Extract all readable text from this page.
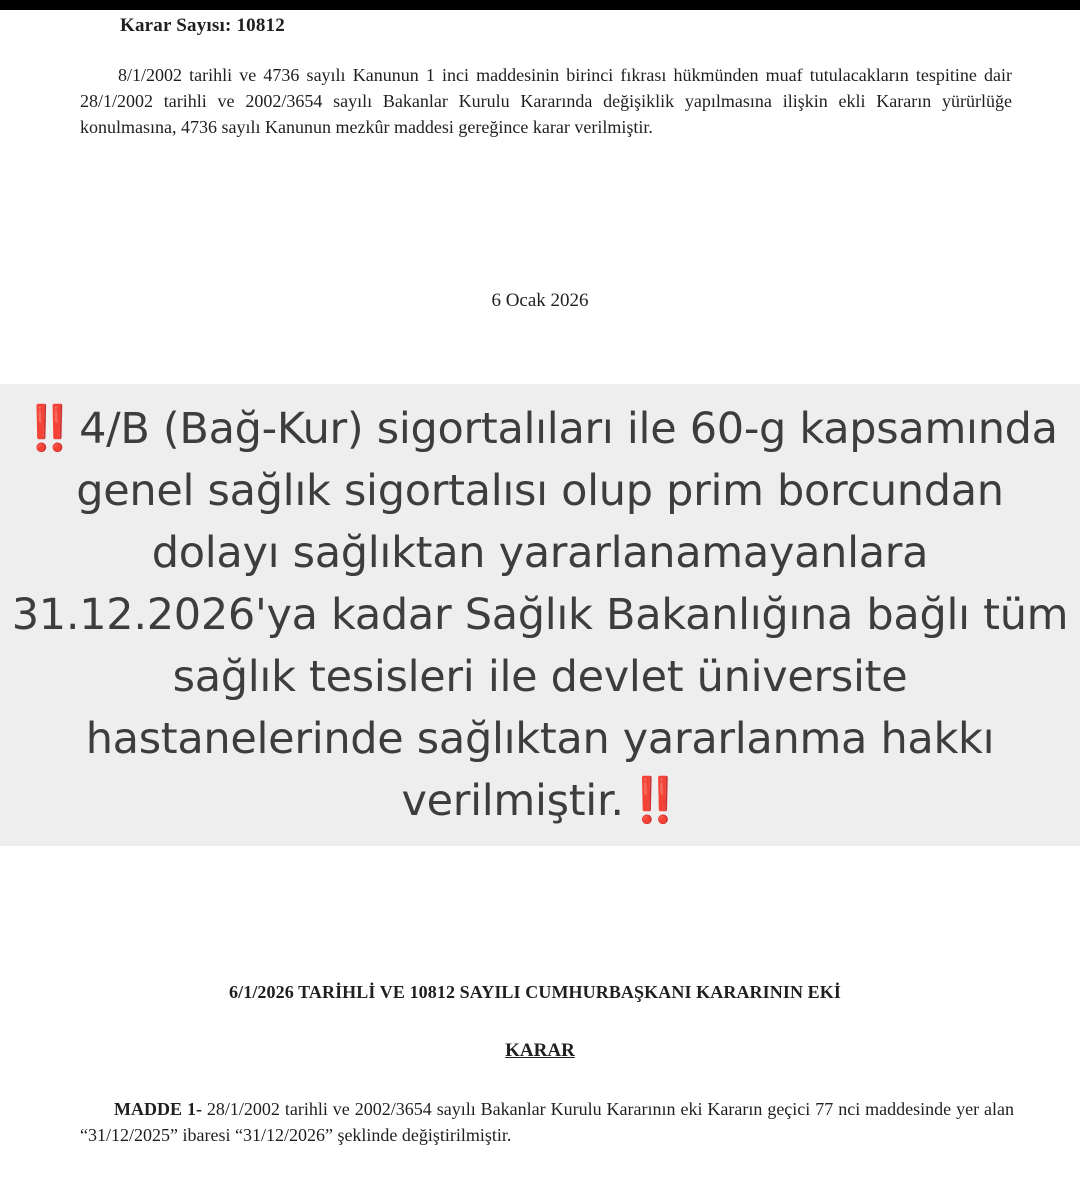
Karar Sayısı: 10812

8/1/2002 tarihli ve 4736 sayılı Kanunun 1 inci maddesinin birinci fıkrası hükmünden muaf tutulacakların tespitine dair 28/1/2002 tarihli ve 2002/3654 sayılı Bakanlar Kurulu Kararında değişiklik yapılmasına ilişkin ekli Kararın yürürlüğe konulmasına, 4736 sayılı Kanunun mezkûr maddesi gereğince karar verilmiştir.

6 Ocak 2026

‼️ 4/B (Bağ-Kur) sigortalıları ile 60-g kapsamında genel sağlık sigortalısı olup prim borcundan dolayı sağlıktan yararlanamayanlara 31.12.2026'ya kadar Sağlık Bakanlığına bağlı tüm sağlık tesisleri ile devlet üniversite hastanelerinde sağlıktan yararlanma hakkı verilmiştir.‼️

6/1/2026 TARİHLİ VE 10812 SAYILI CUMHURBAŞKANI KARARININ EKİ
KARAR

MADDE 1- 28/1/2002 tarihli ve 2002/3654 sayılı Bakanlar Kurulu Kararının eki Kararın geçici 77 nci maddesinde yer alan “31/12/2025” ibaresi “31/12/2026” şeklinde değiştirilmiştir.
